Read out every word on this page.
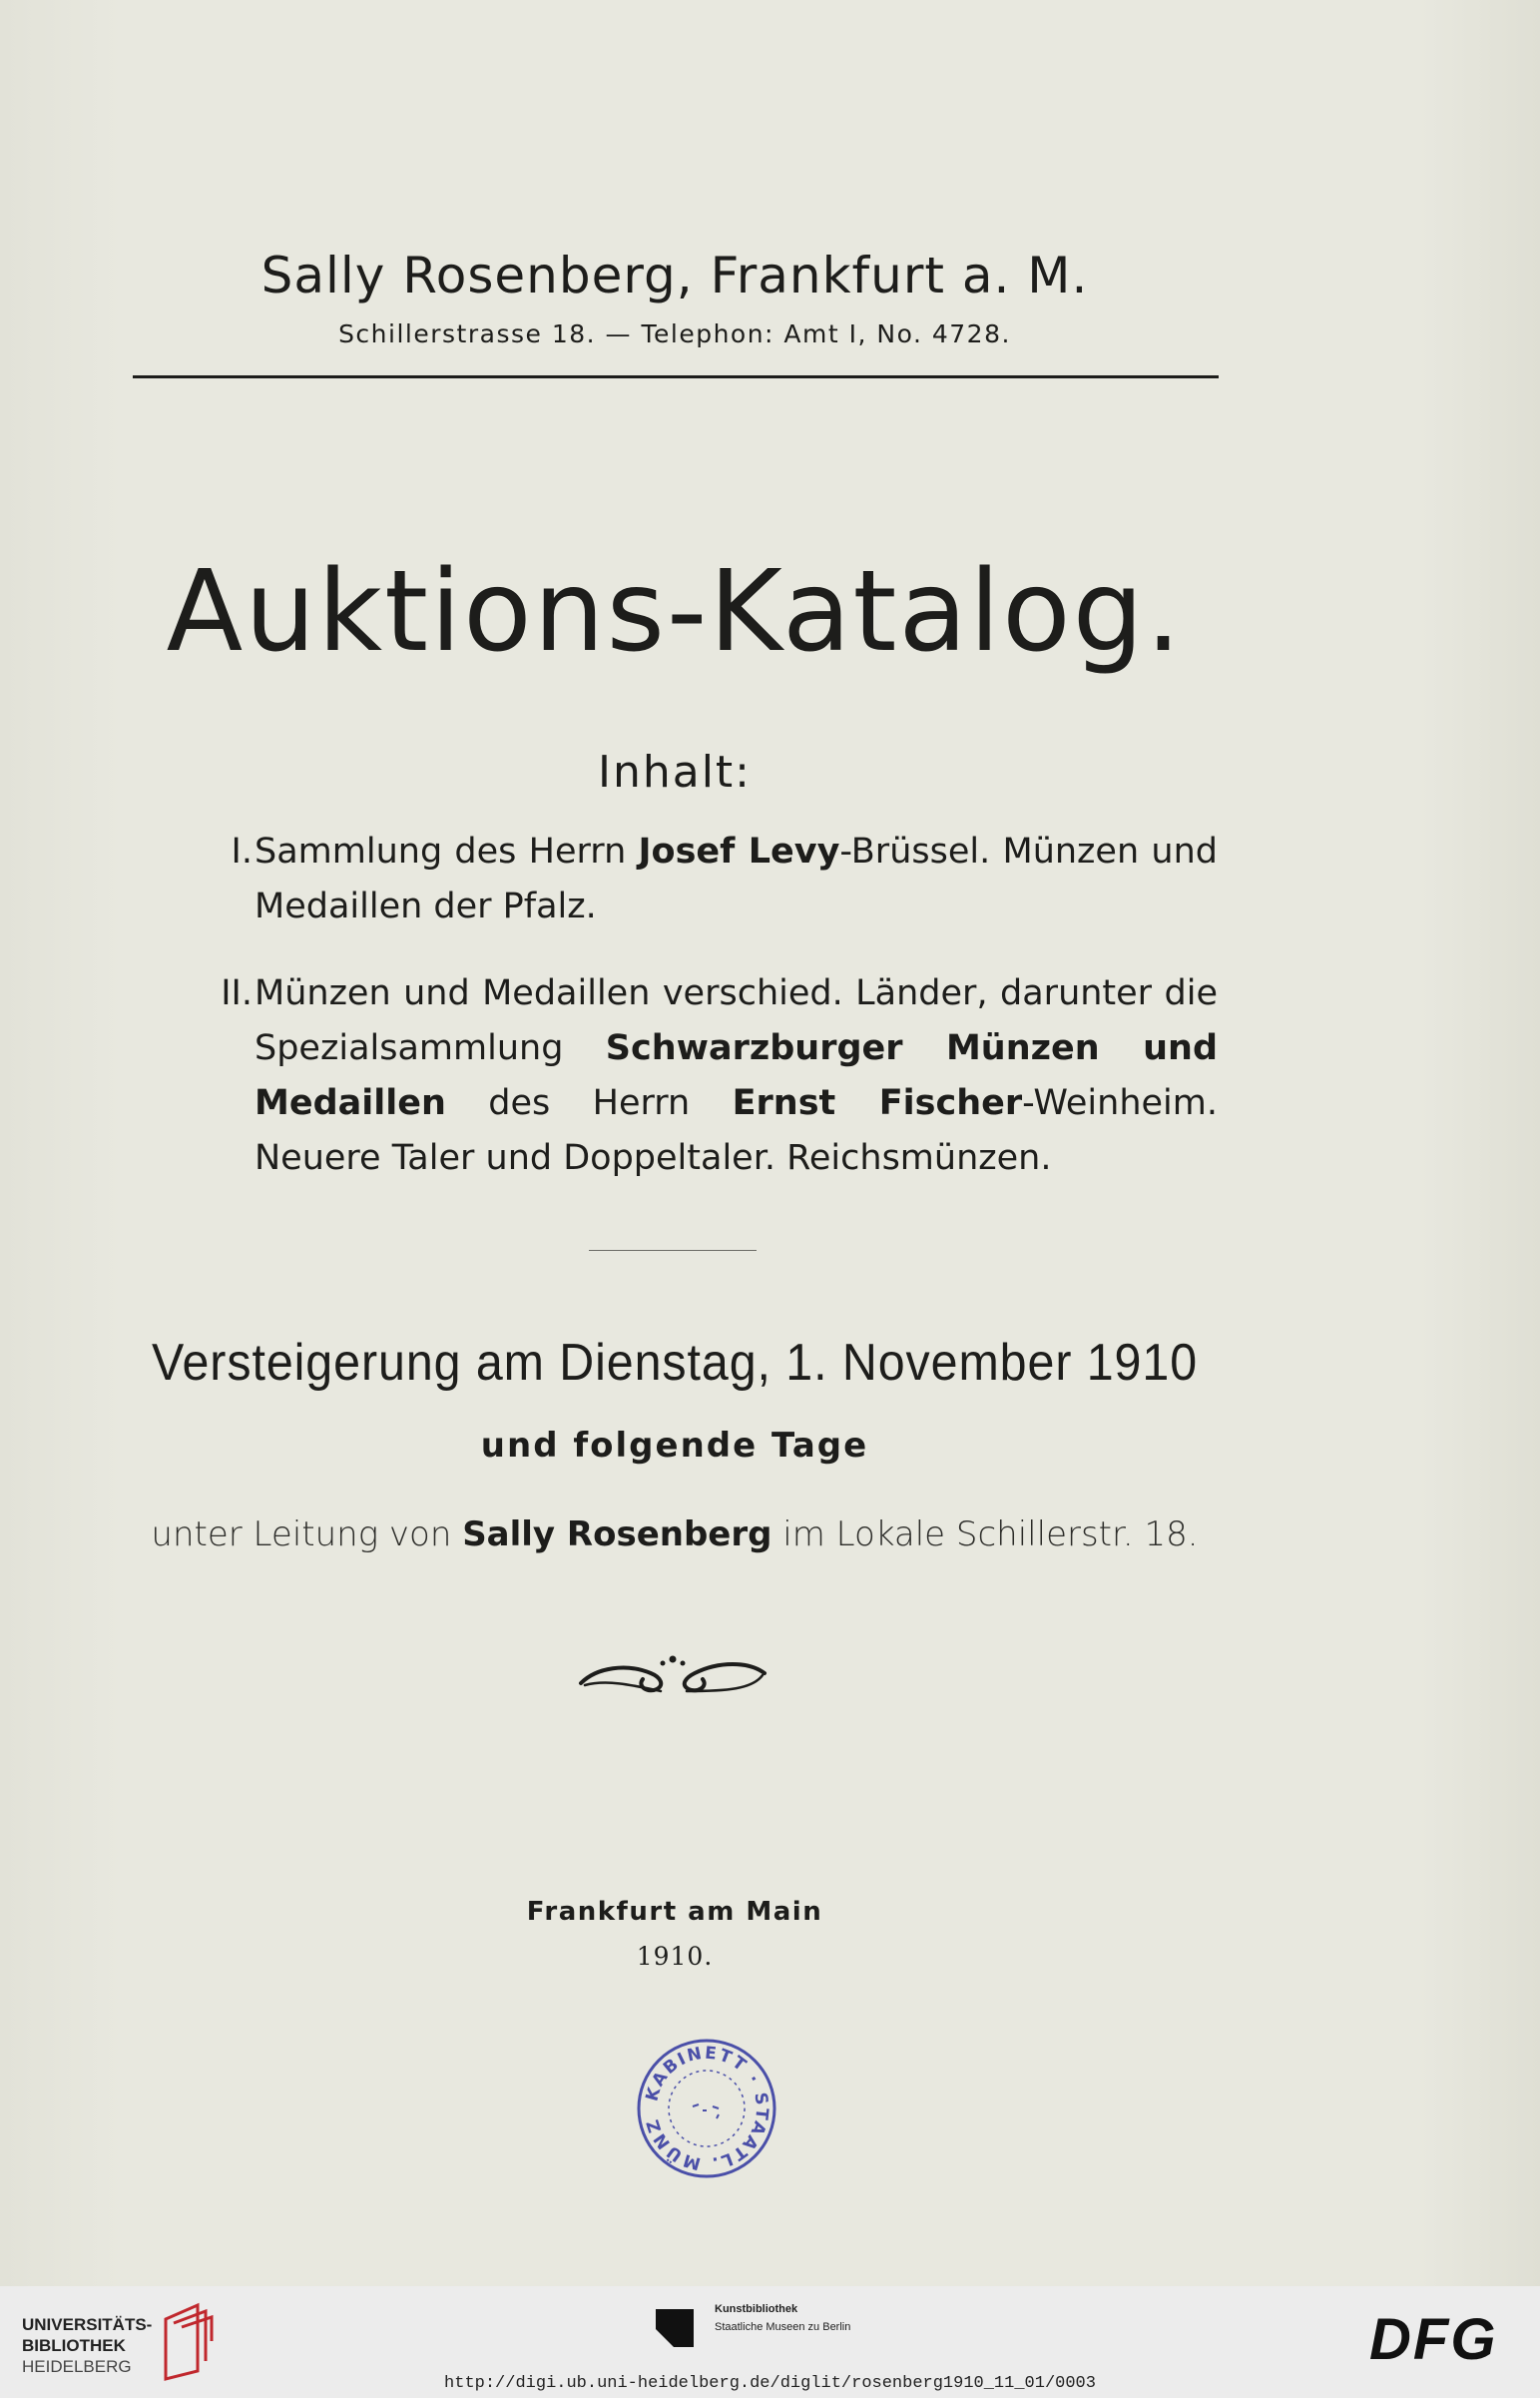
Sally Rosenberg, Frankfurt a. M.
Schillerstrasse 18. — Telephon: Amt I, No. 4728.
Auktions-Katalog.
Inhalt:
I. Sammlung des Herrn Josef Levy-Brüssel. Münzen und Medaillen der Pfalz.
II. Münzen und Medaillen verschied. Länder, darunter die Spezialsammlung Schwarzburger Münzen und Medaillen des Herrn Ernst Fischer-Weinheim. Neuere Taler und Doppeltaler. Reichsmünzen.
Versteigerung am Dienstag, 1. November 1910
und folgende Tage
unter Leitung von Sally Rosenberg im Lokale Schillerstr. 18.
Frankfurt am Main
1910.
KABINETT · STAATL. MÜNZ
UNIVERSITÄTS-
BIBLIOTHEK
HEIDELBERG
Kunstbibliothek
Staatliche Museen zu Berlin	DFG
http://digi.ub.uni-heidelberg.de/diglit/rosenberg1910_11_01/0003
